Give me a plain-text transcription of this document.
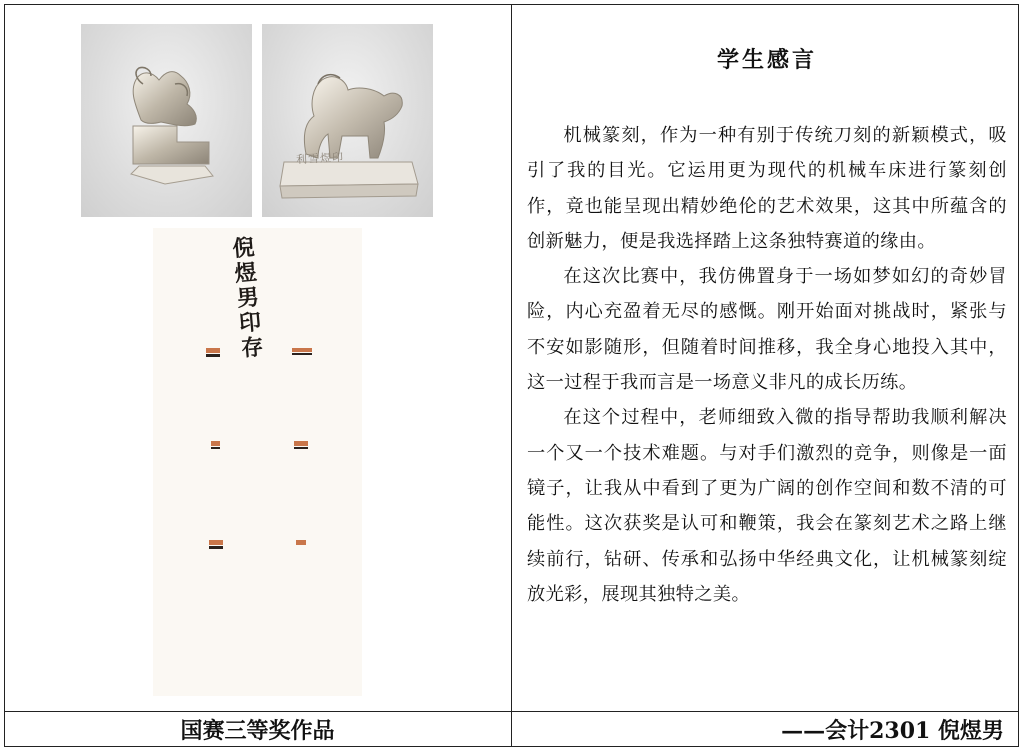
利雪煜印
倪煜男印存
学生感言

机械篆刻，作为一种有别于传统刀刻的新颖模式，吸引了我的目光。它运用更为现代的机械车床进行篆刻创作，竟也能呈现出精妙绝伦的艺术效果，这其中所蕴含的创新魅力，便是我选择踏上这条独特赛道的缘由。

在这次比赛中，我仿佛置身于一场如梦如幻的奇妙冒险，内心充盈着无尽的感慨。刚开始面对挑战时，紧张与不安如影随形，但随着时间推移，我全身心地投入其中，这一过程于我而言是一场意义非凡的成长历练。

在这个过程中，老师细致入微的指导帮助我顺利解决一个又一个技术难题。与对手们激烈的竞争，则像是一面镜子，让我从中看到了更为广阔的创作空间和数不清的可能性。这次获奖是认可和鞭策，我会在篆刻艺术之路上继续前行，钻研、传承和弘扬中华经典文化，让机械篆刻绽放光彩，展现其独特之美。

国赛三等奖作品	——会计2301 倪煜男
